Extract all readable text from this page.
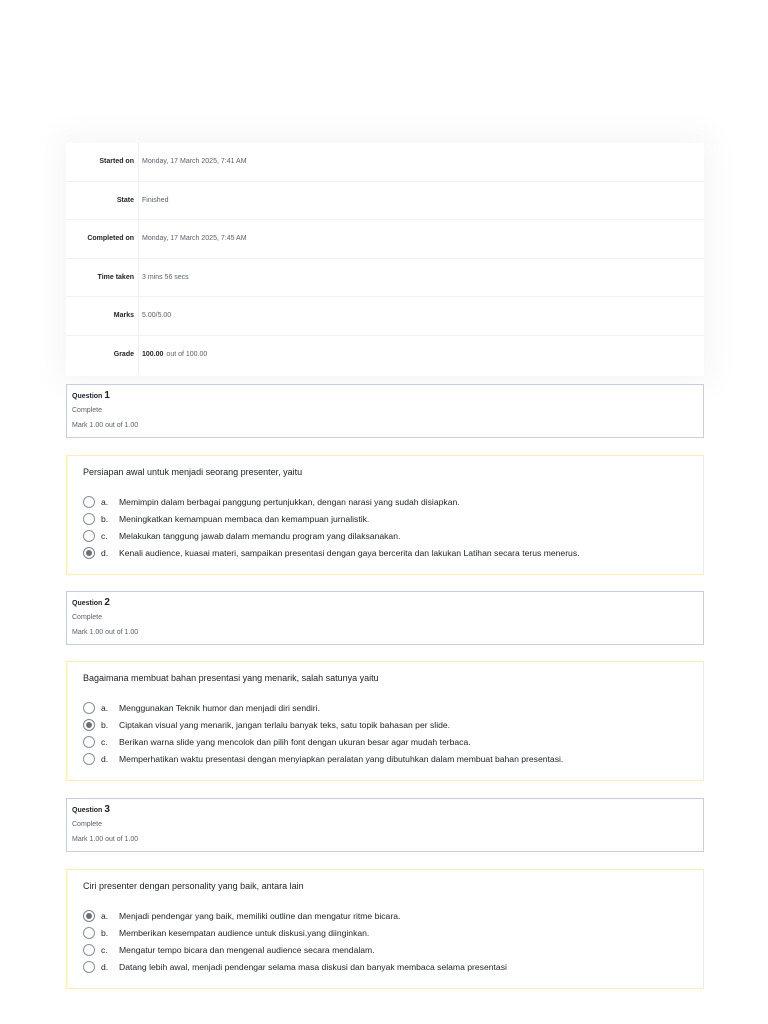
Started on	Monday, 17 March 2025, 7:41 AM
State	Finished
Completed on	Monday, 17 March 2025, 7:45 AM
Time taken	3 mins 56 secs
Marks	5.00/5.00
Grade	100.00 out of 100.00
Question 1
Complete
Mark 1.00 out of 1.00
Persiapan awal untuk menjadi seorang presenter, yaitu
a.	Memimpin dalam berbagai panggung pertunjukkan, dengan narasi yang sudah disiapkan.
b.	Meningkatkan kemampuan membaca dan kemampuan jurnalistik.
c.	Melakukan tanggung jawab dalam memandu program yang dilaksanakan.
d.	Kenali audience, kuasai materi, sampaikan presentasi dengan gaya bercerita dan lakukan Latihan secara terus menerus.
Question 2
Complete
Mark 1.00 out of 1.00
Bagaimana membuat bahan presentasi yang menarik, salah satunya yaitu
a.	Menggunakan Teknik humor dan menjadi diri sendiri.
b.	Ciptakan visual yang menarik, jangan terlalu banyak teks, satu topik bahasan per slide.
c.	Berikan warna slide yang mencolok dan pilih font dengan ukuran besar agar mudah terbaca.
d.	Memperhatikan waktu presentasi dengan menyiapkan peralatan yang dibutuhkan dalam membuat bahan presentasi.
Question 3
Complete
Mark 1.00 out of 1.00
Ciri presenter dengan personality yang baik, antara lain
a.	Menjadi pendengar yang baik, memiliki outline dan mengatur ritme bicara.
b.	Memberikan kesempatan audience untuk diskusi.yang diinginkan.
c.	Mengatur tempo bicara dan mengenal audience secara mendalam.
d.	Datang lebih awal, menjadi pendengar selama masa diskusi dan banyak membaca selama presentasi
